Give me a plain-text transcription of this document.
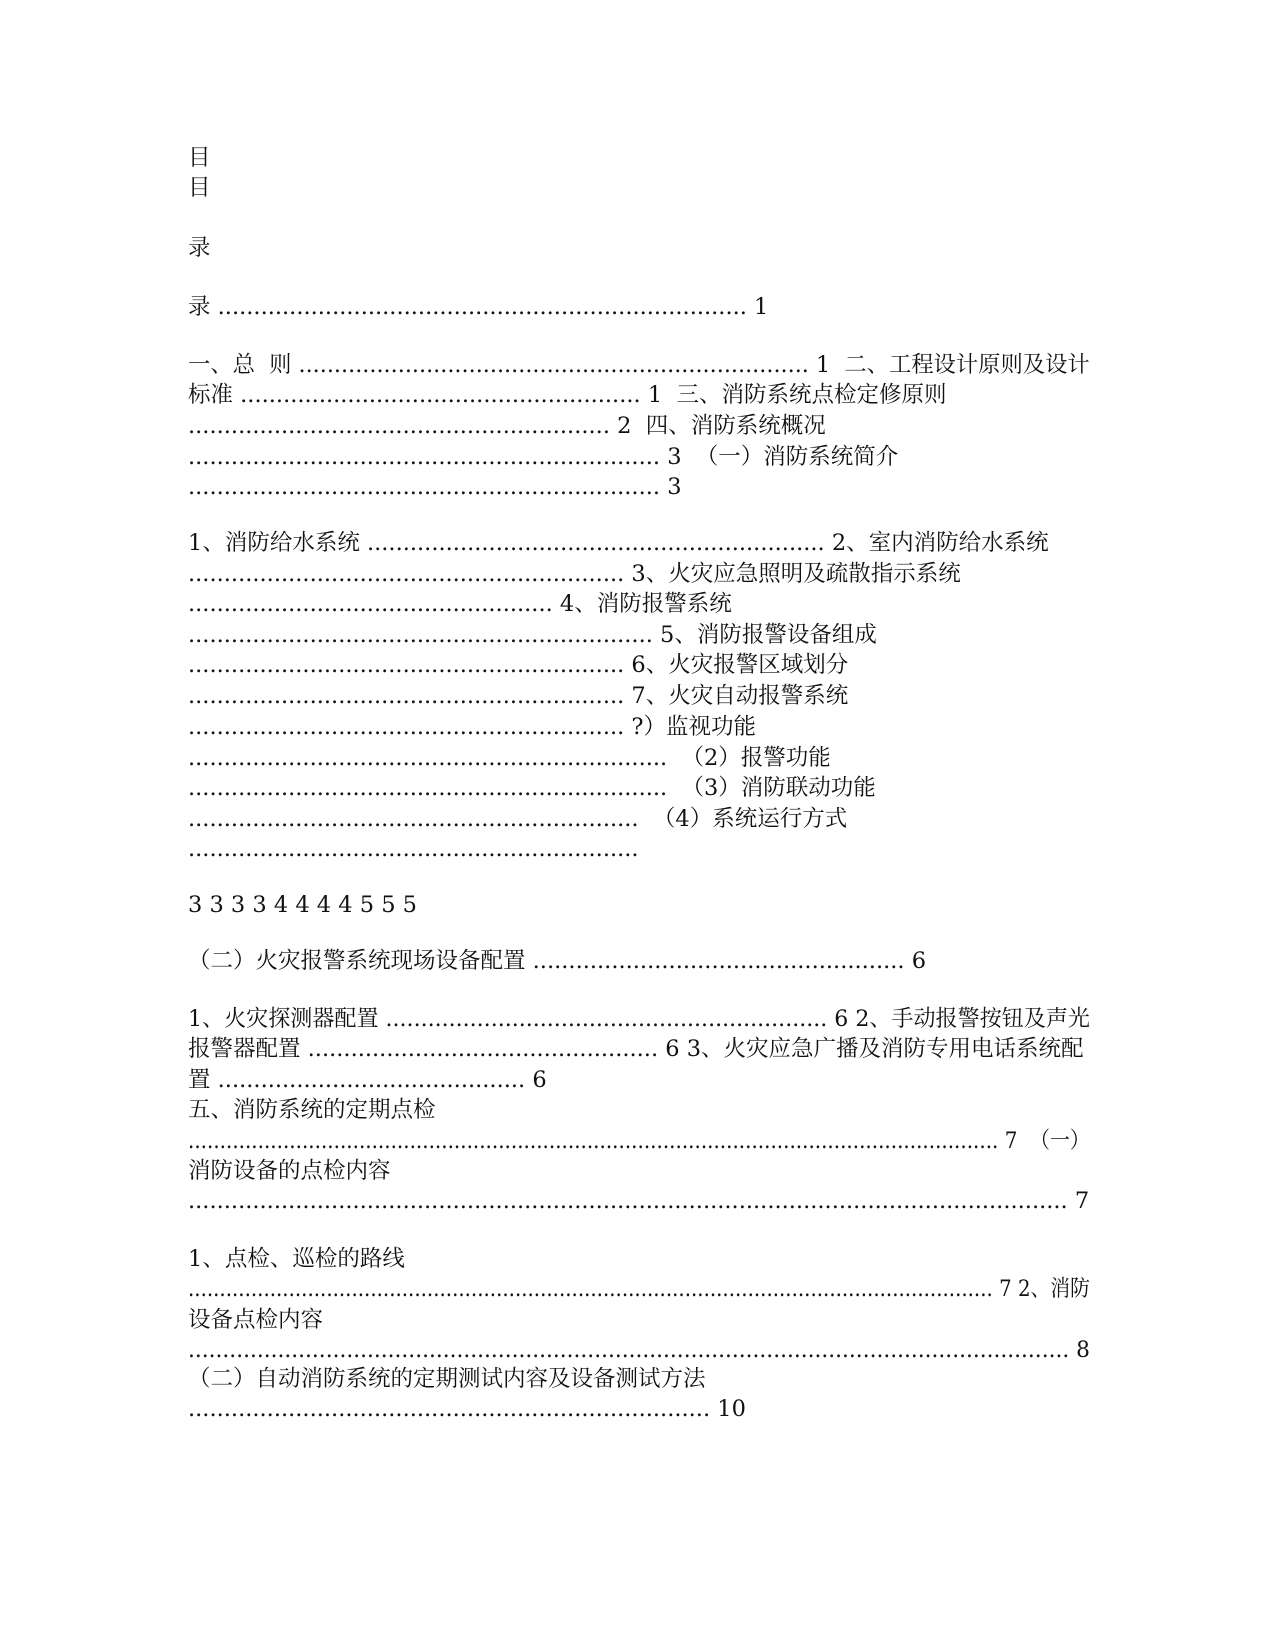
目
目
录
录 .......................................................................... 1
一、总  则 ........................................................................ 1  二、工程设计原则及设计
标准 ........................................................ 1  三、消防系统点检定修原则
........................................................... 2  四、消防系统概况
.................................................................. 3  （一）消防系统简介
.................................................................. 3
1、消防给水系统 ................................................................ 2、室内消防给水系统
............................................................. 3、火灾应急照明及疏散指示系统
................................................... 4、消防报警系统
................................................................. 5、消防报警设备组成
............................................................. 6、火灾报警区域划分
............................................................. 7、火灾自动报警系统
............................................................. ?）监视功能
...................................................................  （2）报警功能
...................................................................  （3）消防联动功能
...............................................................  （4）系统运行方式
...............................................................
3 3 3 3 4 4 4 4 5 5 5
（二）火灾报警系统现场设备配置 .................................................... 6
1、火灾探测器配置 ............................................................... 6 2、手动报警按钮及声光
报警器配置 ................................................. 6 3、火灾应急广播及消防专用电话系统配
置 ........................................... 6
五、消防系统的定期点检
................................................................................................................................ 7  （一）
消防设备的点检内容
........................................................................................................................... 7
1、点检、巡检的路线
................................................................................................................................ 7 2、消防
设备点检内容
................................................................................................................................ 8
（二）自动消防系统的定期测试内容及设备测试方法
......................................................................... 10
